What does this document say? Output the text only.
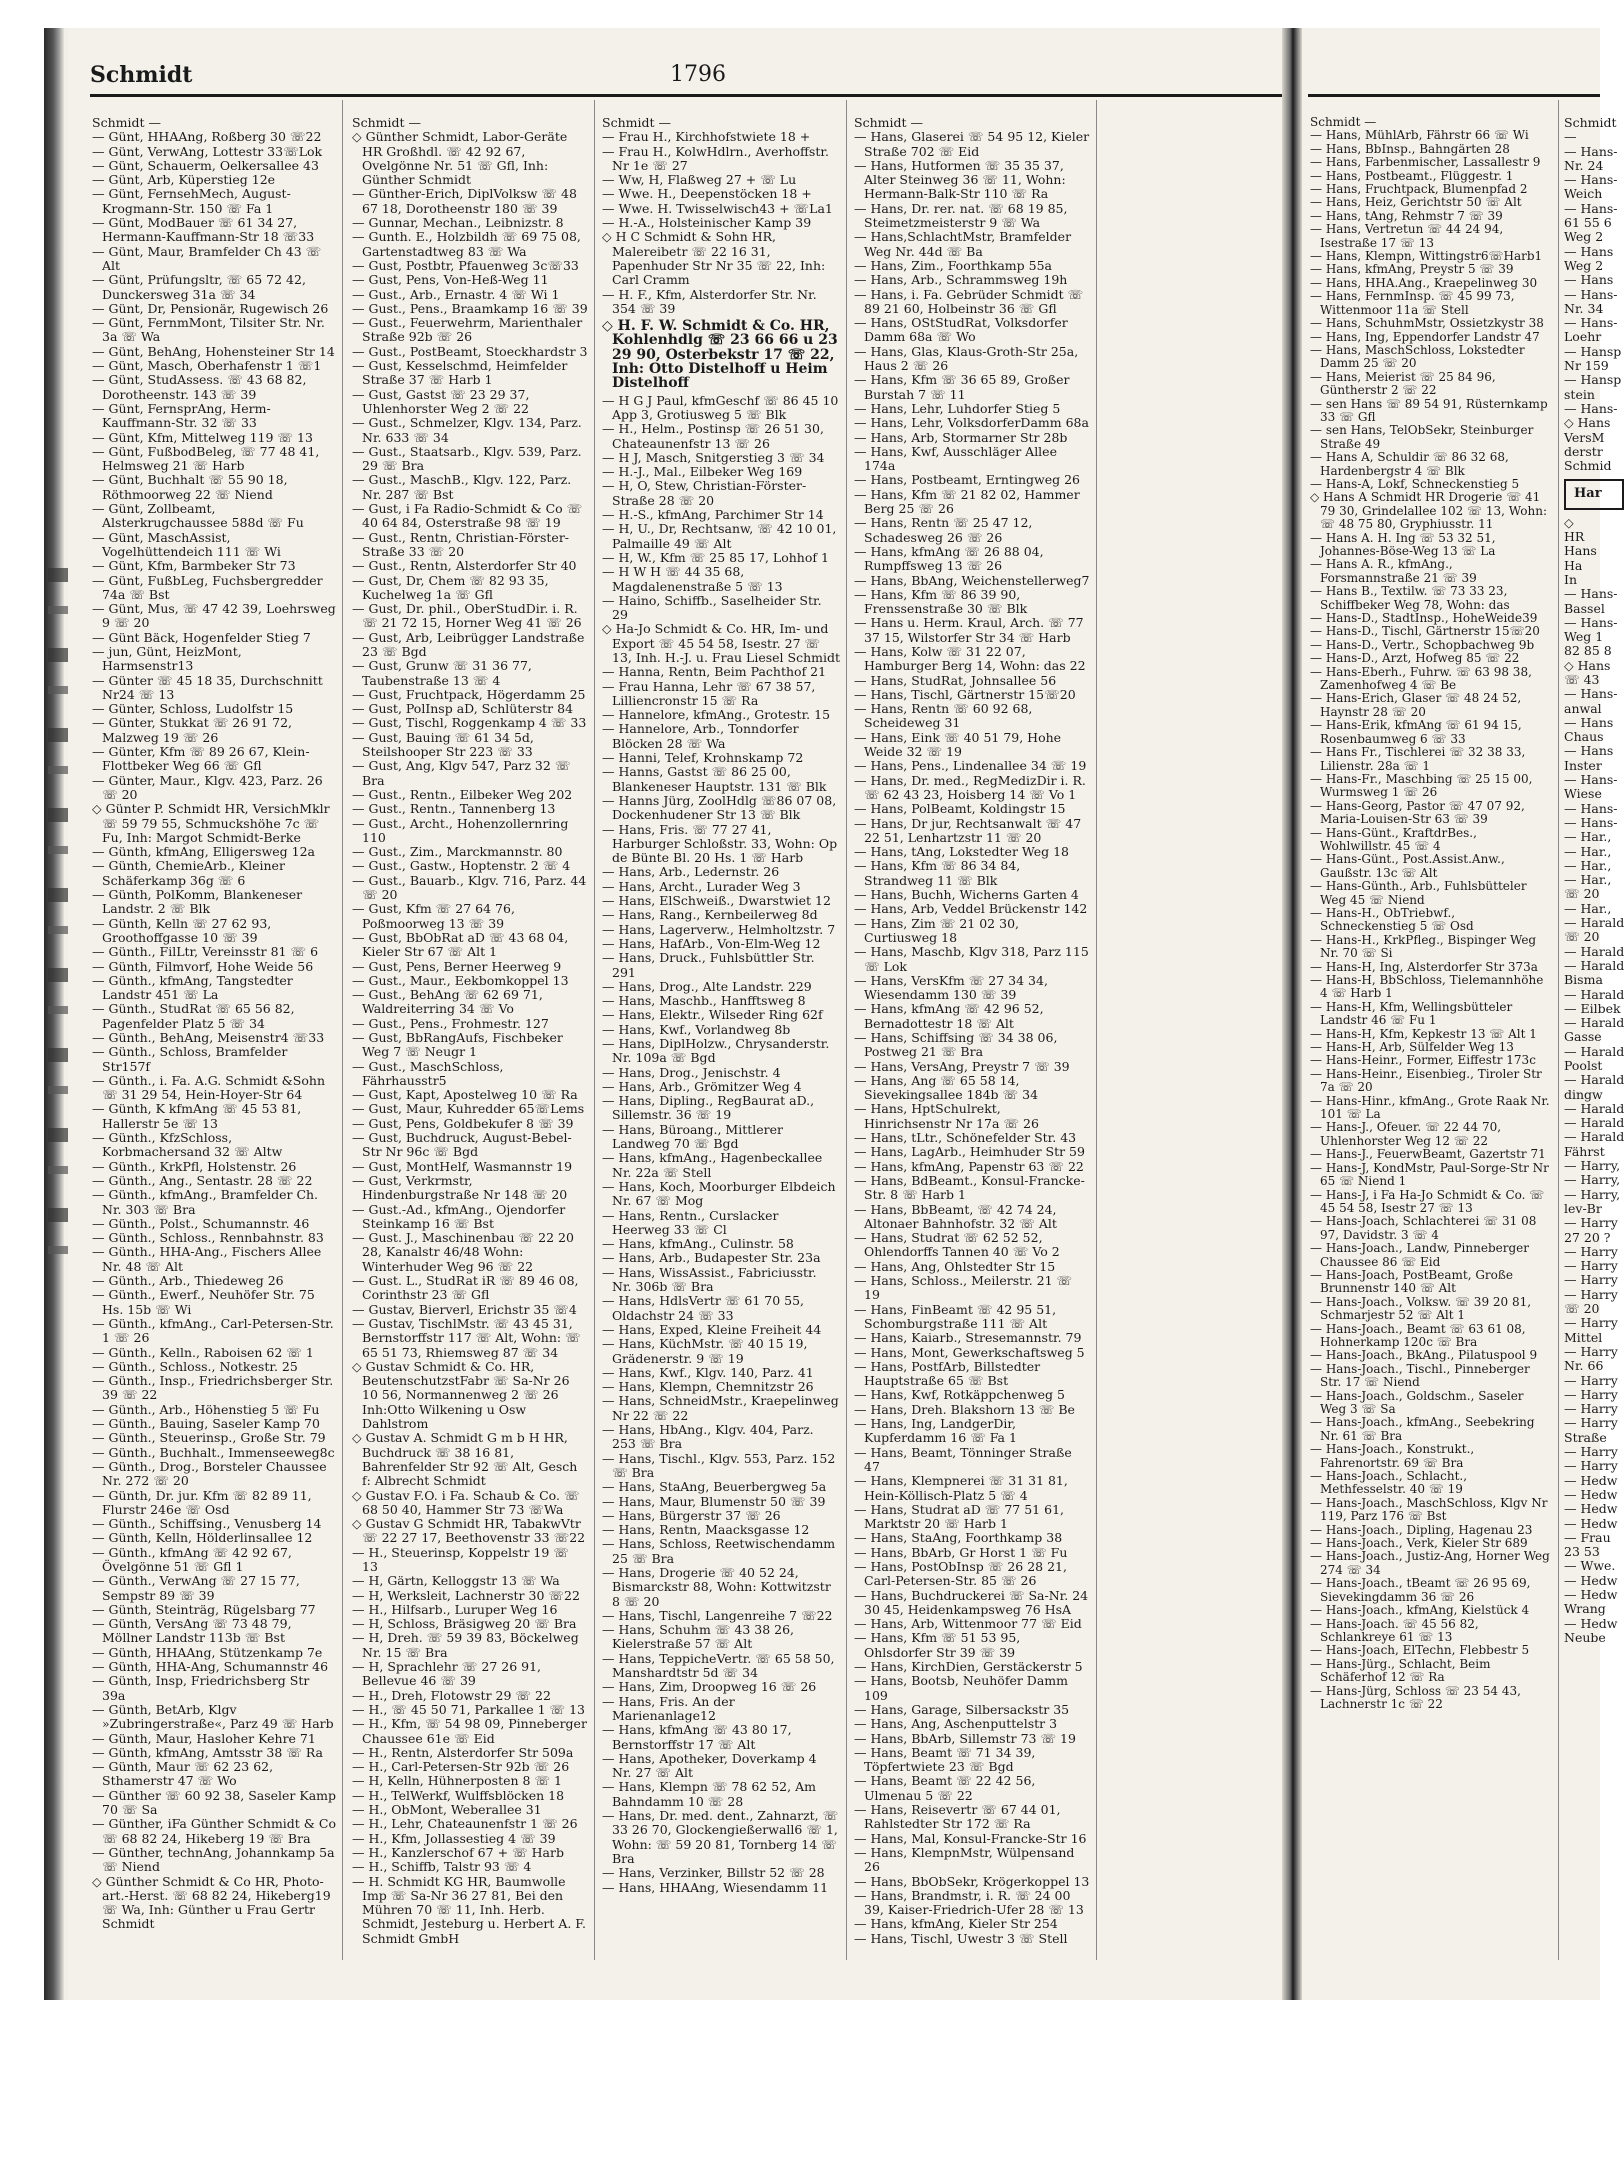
Schmidt	1796
Schmidt —
— Günt, HHAAng, Roßberg 30 ☏22
— Günt, VerwAng, Lottestr 33☏Lok
— Günt, Schauerm, Oelkersallee 43
— Günt, Arb, Küperstieg 12e
— Günt, FernsehMech, August-Krogmann-Str. 150 ☏ Fa 1
— Günt, ModBauer ☏ 61 34 27, Hermann-Kauffmann-Str 18 ☏33
— Günt, Maur, Bramfelder Ch 43 ☏ Alt
— Günt, Prüfungsltr, ☏ 65 72 42, Dunckersweg 31a ☏ 34
— Günt, Dr, Pensionär, Rugewisch 26
— Günt, FernmMont, Tilsiter Str. Nr. 3a ☏ Wa
— Günt, BehAng, Hohensteiner Str 14
— Günt, Masch, Oberhafenstr 1 ☏1
— Günt, StudAssess. ☏ 43 68 82, Dorotheenstr. 143 ☏ 39
— Günt, FernsprAng, Herm-Kauffmann-Str. 32 ☏ 33
— Günt, Kfm, Mittelweg 119 ☏ 13
— Günt, FußbodBeleg, ☏ 77 48 41, Helmsweg 21 ☏ Harb
— Günt, Buchhalt ☏ 55 90 18, Röthmoorweg 22 ☏ Niend
— Günt, Zollbeamt, Alsterkrugchaussee 588d ☏ Fu
— Günt, MaschAssist, Vogelhüttendeich 111 ☏ Wi
— Günt, Kfm, Barmbeker Str 73
— Günt, FußbLeg, Fuchsbergredder 74a ☏ Bst
— Günt, Mus, ☏ 47 42 39, Loehrsweg 9 ☏ 20
— Günt Bäck, Hogenfelder Stieg 7
— jun, Günt, HeizMont, Harmsenstr13
— Günter ☏ 45 18 35, Durchschnitt Nr24 ☏ 13
— Günter, Schloss, Ludolfstr 15
— Günter, Stukkat ☏ 26 91 72, Malzweg 19 ☏ 26
— Günter, Kfm ☏ 89 26 67, Klein-Flottbeker Weg 66 ☏ Gfl
— Günter, Maur., Klgv. 423, Parz. 26 ☏ 20
◇ Günter P. Schmidt HR, VersichMklr ☏ 59 79 55, Schmuckshöhe 7c ☏ Fu, Inh: Margot Schmidt-Berke
— Günth, kfmAng, Elligersweg 12a
— Günth, ChemieArb., Kleiner Schäferkamp 36g ☏ 6
— Günth, PolKomm, Blankeneser Landstr. 2 ☏ Blk
— Günth, Kelln ☏ 27 62 93, Groothoffgasse 10 ☏ 39
— Günth., FilLtr, Vereinsstr 81 ☏ 6
— Günth, Filmvorf, Hohe Weide 56
— Günth., kfmAng, Tangstedter Landstr 451 ☏ La
— Günth., StudRat ☏ 65 56 82, Pagenfelder Platz 5 ☏ 34
— Günth., BehAng, Meisenstr4 ☏33
— Günth., Schloss, Bramfelder Str157f
— Günth., i. Fa. A.G. Schmidt &Sohn ☏ 31 29 54, Hein-Hoyer-Str 64
— Günth, K kfmAng ☏ 45 53 81, Hallerstr 5e ☏ 13
— Günth., KfzSchloss, Korbmachersand 32 ☏ Altw
— Günth., KrkPfl, Holstenstr. 26
— Günth., Ang., Sentastr. 28 ☏ 22
— Günth., kfmAng., Bramfelder Ch. Nr. 303 ☏ Bra
— Günth., Polst., Schumannstr. 46
— Günth., Schloss., Rennbahnstr. 83
— Günth., HHA-Ang., Fischers Allee Nr. 48 ☏ Alt
— Günth., Arb., Thiedeweg 26
— Günth., Ewerf., Neuhöfer Str. 75 Hs. 15b ☏ Wi
— Günth., kfmAng., Carl-Petersen-Str. 1 ☏ 26
— Günth., Kelln., Raboisen 62 ☏ 1
— Günth., Schloss., Notkestr. 25
— Günth., Insp., Friedrichsberger Str. 39 ☏ 22
— Günth., Arb., Höhenstieg 5 ☏ Fu
— Günth., Bauing, Saseler Kamp 70
— Günth., Steuerinsp., Große Str. 79
— Günth., Buchhalt., Immenseeweg8c
— Günth., Drog., Borsteler Chaussee Nr. 272 ☏ 20
— Günth, Dr. jur. Kfm ☏ 82 89 11, Flurstr 246e ☏ Osd
— Günth., Schiffsing., Venusberg 14
— Günth, Kelln, Hölderlinsallee 12
— Günth., kfmAng ☏ 42 92 67, Övelgönne 51 ☏ Gfl 1
— Günth., VerwAng ☏ 27 15 77, Sempstr 89 ☏ 39
— Günth, Steinträg, Rügelsbarg 77
— Günth, VersAng ☏ 73 48 79, Möllner Landstr 113b ☏ Bst
— Günth, HHAAng, Stützenkamp 7e
— Günth, HHA-Ang, Schumannstr 46
— Günth, Insp, Friedrichsberg Str 39a
— Günth, BetArb, Klgv »Zubringerstraße«, Parz 49 ☏ Harb
— Günth, Maur, Hasloher Kehre 71
— Günth, kfmAng, Amtsstr 38 ☏ Ra
— Günth, Maur ☏ 62 23 62, Sthamerstr 47 ☏ Wo
— Günther ☏ 60 92 38, Saseler Kamp 70 ☏ Sa
— Günther, iFa Günther Schmidt & Co ☏ 68 82 24, Hikeberg 19 ☏ Bra
— Günther, technAng, Johannkamp 5a ☏ Niend
◇ Günther Schmidt & Co HR, Photo-art.-Herst. ☏ 68 82 24, Hikeberg19 ☏ Wa, Inh: Günther u Frau Gertr Schmidt
Schmidt —
◇ Günther Schmidt, Labor-Geräte HR Großhdl. ☏ 42 92 67, Ovelgönne Nr. 51 ☏ Gfl, Inh: Günther Schmidt
— Günther-Erich, DiplVolksw ☏ 48 67 18, Dorotheenstr 180 ☏ 39
— Gunnar, Mechan., Leibnizstr. 8
— Gunth. E., Holzbildh ☏ 69 75 08, Gartenstadtweg 83 ☏ Wa
— Gust, Postbtr, Pfauenweg 3c☏33
— Gust, Pens, Von-Heß-Weg 11
— Gust., Arb., Ernastr. 4 ☏ Wi 1
— Gust., Pens., Braamkamp 16 ☏ 39
— Gust., Feuerwehrm, Marienthaler Straße 92b ☏ 26
— Gust., PostBeamt, Stoeckhardstr 3
— Gust, Kesselschmd, Heimfelder Straße 37 ☏ Harb 1
— Gust, Gastst ☏ 23 29 37, Uhlenhorster Weg 2 ☏ 22
— Gust., Schmelzer, Klgv. 134, Parz. Nr. 633 ☏ 34
— Gust., Staatsarb., Klgv. 539, Parz. 29 ☏ Bra
— Gust., MaschB., Klgv. 122, Parz. Nr. 287 ☏ Bst
— Gust, i Fa Radio-Schmidt & Co ☏ 40 64 84, Osterstraße 98 ☏ 19
— Gust., Rentn, Christian-Förster-Straße 33 ☏ 20
— Gust., Rentn, Alsterdorfer Str 40
— Gust, Dr, Chem ☏ 82 93 35, Kuchelweg 1a ☏ Gfl
— Gust, Dr. phil., OberStudDir. i. R. ☏ 21 72 15, Horner Weg 41 ☏ 26
— Gust, Arb, Leibrügger Landstraße 23 ☏ Bgd
— Gust, Grunw ☏ 31 36 77, Taubenstraße 13 ☏ 4
— Gust, Fruchtpack, Högerdamm 25
— Gust, PolInsp aD, Schlüterstr 84
— Gust, Tischl, Roggenkamp 4 ☏ 33
— Gust, Bauing ☏ 61 34 5d, Steilshooper Str 223 ☏ 33
— Gust, Ang, Klgv 547, Parz 32 ☏ Bra
— Gust., Rentn., Eilbeker Weg 202
— Gust., Rentn., Tannenberg 13
— Gust., Archt., Hohenzollernring 110
— Gust., Zim., Marckmannstr. 80
— Gust., Gastw., Hoptenstr. 2 ☏ 4
— Gust., Bauarb., Klgv. 716, Parz. 44 ☏ 20
— Gust, Kfm ☏ 27 64 76, Poßmoorweg 13 ☏ 39
— Gust, BbObRat aD ☏ 43 68 04, Kieler Str 67 ☏ Alt 1
— Gust, Pens, Berner Heerweg 9
— Gust., Maur., Eekbomkoppel 13
— Gust., BehAng ☏ 62 69 71, Waldreiterring 34 ☏ Vo
— Gust., Pens., Frohmestr. 127
— Gust, BbRangAufs, Fischbeker Weg 7 ☏ Neugr 1
— Gust., MaschSchloss, Fährhausstr5
— Gust, Kapt, Apostelweg 10 ☏ Ra
— Gust, Maur, Kuhredder 65☏Lems
— Gust, Pens, Goldbekufer 8 ☏ 39
— Gust, Buchdruck, August-Bebel-Str Nr 96c ☏ Bgd
— Gust, MontHelf, Wasmannstr 19
— Gust, Verkrmstr, Hindenburgstraße Nr 148 ☏ 20
— Gust.-Ad., kfmAng., Ojendorfer Steinkamp 16 ☏ Bst
— Gust. J., Maschinenbau ☏ 22 20 28, Kanalstr 46/48 Wohn: Winterhuder Weg 96 ☏ 22
— Gust. L., StudRat iR ☏ 89 46 08, Corinthstr 23 ☏ Gfl
— Gustav, Bierverl, Erichstr 35 ☏4
— Gustav, TischlMstr. ☏ 43 45 31, Bernstorffstr 117 ☏ Alt, Wohn: ☏ 65 51 73, Rhiemsweg 87 ☏ 34
◇ Gustav Schmidt & Co. HR, BeutenschutzstFabr ☏ Sa-Nr 26 10 56, Normannenweg 2 ☏ 26 Inh:Otto Wilkening u Osw Dahlstrom
◇ Gustav A. Schmidt G m b H HR, Buchdruck ☏ 38 16 81, Bahrenfelder Str 92 ☏ Alt, Gesch f: Albrecht Schmidt
◇ Gustav F.O. i Fa. Schaub & Co. ☏ 68 50 40, Hammer Str 73 ☏Wa
◇ Gustav G Schmidt HR, TabakwVtr ☏ 22 27 17, Beethovenstr 33 ☏22
— H., Steuerinsp, Koppelstr 19 ☏ 13
— H, Gärtn, Kelloggstr 13 ☏ Wa
— H, Werksleit, Lachnerstr 30 ☏22
— H., Hilfsarb., Luruper Weg 16
— H, Schloss, Bräsigweg 20 ☏ Bra
— H, Dreh. ☏ 59 39 83, Böckelweg Nr. 15 ☏ Bra
— H, Sprachlehr ☏ 27 26 91, Bellevue 46 ☏ 39
— H., Dreh, Flotowstr 29 ☏ 22
— H., ☏ 45 50 71, Parkallee 1 ☏ 13
— H., Kfm, ☏ 54 98 09, Pinneberger Chaussee 61e ☏ Eid
— H., Rentn, Alsterdorfer Str 509a
— H., Carl-Petersen-Str 92b ☏ 26
— H, Kelln, Hühnerposten 8 ☏ 1
— H., TelWerkf, Wulffsblöcken 18
— H., ObMont, Weberallee 31
— H., Lehr, Chateaunenfstr 1 ☏ 26
— H., Kfm, Jollassestieg 4 ☏ 39
— H., Kanzlerschof 67 + ☏ Harb
— H., Schiffb, Talstr 93 ☏ 4
— H. Schmidt KG HR, Baumwolle Imp ☏ Sa-Nr 36 27 81, Bei den Mühren 70 ☏ 11, Inh. Herb. Schmidt, Jesteburg u. Herbert A. F. Schmidt GmbH
Schmidt —
— Frau H., Kirchhofstwiete 18 +
— Frau H., KolwHdlrn., Averhoffstr. Nr 1e ☏ 27
— Ww, H, Flaßweg 27 + ☏ Lu
— Wwe. H., Deepenstöcken 18 +
— Wwe. H. Twisselwisch43 + ☏La1
— H.-A., Holsteinischer Kamp 39
◇ H C Schmidt & Sohn HR, Malereibetr ☏ 22 16 31, Papenhuder Str Nr 35 ☏ 22, Inh: Carl Cramm
— H. F., Kfm, Alsterdorfer Str. Nr. 354 ☏ 39
◇ H. F. W. Schmidt & Co. HR, Kohlenhdlg ☏ 23 66 66 u 23 29 90, Osterbekstr 17 ☏ 22, Inh: Otto Distelhoff u Heim Distelhoff
— H G J Paul, kfmGeschf ☏ 86 45 10 App 3, Grotiusweg 5 ☏ Blk
— H., Helm., Postinsp ☏ 26 51 30, Chateaunenfstr 13 ☏ 26
— H J, Masch, Snitgerstieg 3 ☏ 34
— H.-J., Mal., Eilbeker Weg 169
— H, O, Stew, Christian-Förster-Straße 28 ☏ 20
— H.-S., kfmAng, Parchimer Str 14
— H, U., Dr, Rechtsanw, ☏ 42 10 01, Palmaille 49 ☏ Alt
— H, W., Kfm ☏ 25 85 17, Lohhof 1
— H W H ☏ 44 35 68, Magdalenenstraße 5 ☏ 13
— Haino, Schiffb., Saselheider Str. 29
◇ Ha-Jo Schmidt & Co. HR, Im- und Export ☏ 45 54 58, Isestr. 27 ☏ 13, Inh. H.-J. u. Frau Liesel Schmidt
— Hanna, Rentn, Beim Pachthof 21
— Frau Hanna, Lehr ☏ 67 38 57, Lilliencronstr 15 ☏ Ra
— Hannelore, kfmAng., Grotestr. 15
— Hannelore, Arb., Tonndorfer Blöcken 28 ☏ Wa
— Hanni, Telef, Krohnskamp 72
— Hanns, Gastst ☏ 86 25 00, Blankeneser Hauptstr. 131 ☏ Blk
— Hanns Jürg, ZoolHdlg ☏86 07 08, Dockenhudener Str 13 ☏ Blk
— Hans, Fris. ☏ 77 27 41, Harburger Schloßstr. 33, Wohn: Op de Bünte Bl. 20 Hs. 1 ☏ Harb
— Hans, Arb., Ledernstr. 26
— Hans, Archt., Lurader Weg 3
— Hans, ElSchweiß., Dwarstwiet 12
— Hans, Rang., Kernbeilerweg 8d
— Hans, Lagerverw., Helmholtzstr. 7
— Hans, HafArb., Von-Elm-Weg 12
— Hans, Druck., Fuhlsbüttler Str. 291
— Hans, Drog., Alte Landstr. 229
— Hans, Maschb., Hanfftsweg 8
— Hans, Elektr., Wilseder Ring 62f
— Hans, Kwf., Vorlandweg 8b
— Hans, DiplHolzw., Chrysanderstr. Nr. 109a ☏ Bgd
— Hans, Drog., Jenischstr. 4
— Hans, Arb., Grömitzer Weg 4
— Hans, Dipling., RegBaurat aD., Sillemstr. 36 ☏ 19
— Hans, Büroang., Mittlerer Landweg 70 ☏ Bgd
— Hans, kfmAng., Hagenbeckallee Nr. 22a ☏ Stell
— Hans, Koch, Moorburger Elbdeich Nr. 67 ☏ Mog
— Hans, Rentn., Curslacker Heerweg 33 ☏ Cl
— Hans, kfmAng., Culinstr. 58
— Hans, Arb., Budapester Str. 23a
— Hans, WissAssist., Fabriciusstr. Nr. 306b ☏ Bra
— Hans, HdlsVertr ☏ 61 70 55, Oldachstr 24 ☏ 33
— Hans, Exped, Kleine Freiheit 44
— Hans, KüchMstr. ☏ 40 15 19, Grädenerstr. 9 ☏ 19
— Hans, Kwf., Klgv. 140, Parz. 41
— Hans, Klempn, Chemnitzstr 26
— Hans, SchneidMstr., Kraepelinweg Nr 22 ☏ 22
— Hans, HbAng., Klgv. 404, Parz. 253 ☏ Bra
— Hans, Tischl., Klgv. 553, Parz. 152 ☏ Bra
— Hans, StaAng, Beuerbergweg 5a
— Hans, Maur, Blumenstr 50 ☏ 39
— Hans, Bürgerstr 37 ☏ 26
— Hans, Rentn, Maacksgasse 12
— Hans, Schloss, Reetwischendamm 25 ☏ Bra
— Hans, Drogerie ☏ 40 52 24, Bismarckstr 88, Wohn: Kottwitzstr 8 ☏ 20
— Hans, Tischl, Langenreihe 7 ☏22
— Hans, Schuhm ☏ 43 38 26, Kielerstraße 57 ☏ Alt
— Hans, TeppicheVertr. ☏ 65 58 50, Manshardtstr 5d ☏ 34
— Hans, Zim, Droopweg 16 ☏ 26
— Hans, Fris. An der Marienanlage12
— Hans, kfmAng ☏ 43 80 17, Bernstorffstr 17 ☏ Alt
— Hans, Apotheker, Doverkamp 4 Nr. 27 ☏ Alt
— Hans, Klempn ☏ 78 62 52, Am Bahndamm 10 ☏ 28
— Hans, Dr. med. dent., Zahnarzt, ☏ 33 26 70, Glockengießerwall6 ☏ 1, Wohn: ☏ 59 20 81, Tornberg 14 ☏ Bra
— Hans, Verzinker, Billstr 52 ☏ 28
— Hans, HHAAng, Wiesendamm 11
Schmidt —
— Hans, Glaserei ☏ 54 95 12, Kieler Straße 702 ☏ Eid
— Hans, Hutformen ☏ 35 35 37, Alter Steinweg 36 ☏ 11, Wohn: Hermann-Balk-Str 110 ☏ Ra
— Hans, Dr. rer. nat. ☏ 68 19 85, Steimetzmeisterstr 9 ☏ Wa
— Hans,SchlachtMstr, Bramfelder Weg Nr. 44d ☏ Ba
— Hans, Zim., Foorthkamp 55a
— Hans, Arb., Schrammsweg 19h
— Hans, i. Fa. Gebrüder Schmidt ☏ 89 21 60, Holbeinstr 36 ☏ Gfl
— Hans, OStStudRat, Volksdorfer Damm 68a ☏ Wo
— Hans, Glas, Klaus-Groth-Str 25a, Haus 2 ☏ 26
— Hans, Kfm ☏ 36 65 89, Großer Burstah 7 ☏ 11
— Hans, Lehr, Luhdorfer Stieg 5
— Hans, Lehr, VolksdorferDamm 68a
— Hans, Arb, Stormarner Str 28b
— Hans, Kwf, Ausschläger Allee 174a
— Hans, Postbeamt, Erntingweg 26
— Hans, Kfm ☏ 21 82 02, Hammer Berg 25 ☏ 26
— Hans, Rentn ☏ 25 47 12, Schadesweg 26 ☏ 26
— Hans, kfmAng ☏ 26 88 04, Rumpffsweg 13 ☏ 26
— Hans, BbAng, Weichenstellerweg7
— Hans, Kfm ☏ 86 39 90, Frenssenstraße 30 ☏ Blk
— Hans u. Herm. Kraul, Arch. ☏ 77 37 15, Wilstorfer Str 34 ☏ Harb
— Hans, Kolw ☏ 31 22 07, Hamburger Berg 14, Wohn: das 22
— Hans, StudRat, Johnsallee 56
— Hans, Tischl, Gärtnerstr 15☏20
— Hans, Rentn ☏ 60 92 68, Scheideweg 31
— Hans, Eink ☏ 40 51 79, Hohe Weide 32 ☏ 19
— Hans, Pens., Lindenallee 34 ☏ 19
— Hans, Dr. med., RegMedizDir i. R. ☏ 62 43 23, Hoisberg 14 ☏ Vo 1
— Hans, PolBeamt, Koldingstr 15
— Hans, Dr jur, Rechtsanwalt ☏ 47 22 51, Lenhartzstr 11 ☏ 20
— Hans, tAng, Lokstedter Weg 18
— Hans, Kfm ☏ 86 34 84, Strandweg 11 ☏ Blk
— Hans, Buchh, Wicherns Garten 4
— Hans, Arb, Veddel Brückenstr 142
— Hans, Zim ☏ 21 02 30, Curtiusweg 18
— Hans, Maschb, Klgv 318, Parz 115 ☏ Lok
— Hans, VersKfm ☏ 27 34 34, Wiesendamm 130 ☏ 39
— Hans, kfmAng ☏ 42 96 52, Bernadottestr 18 ☏ Alt
— Hans, Schiffsing ☏ 34 38 06, Postweg 21 ☏ Bra
— Hans, VersAng, Preystr 7 ☏ 39
— Hans, Ang ☏ 65 58 14, Sievekingsallee 184b ☏ 34
— Hans, HptSchulrekt, Hinrichsenstr Nr 17a ☏ 26
— Hans, tLtr., Schönefelder Str. 43
— Hans, LagArb., Heimhuder Str 59
— Hans, kfmAng, Papenstr 63 ☏ 22
— Hans, BdBeamt., Konsul-Francke-Str. 8 ☏ Harb 1
— Hans, BbBeamt, ☏ 42 74 24, Altonaer Bahnhofstr. 32 ☏ Alt
— Hans, Studrat ☏ 62 52 52, Ohlendorffs Tannen 40 ☏ Vo 2
— Hans, Ang, Ohlstedter Str 15
— Hans, Schloss., Meilerstr. 21 ☏ 19
— Hans, FinBeamt ☏ 42 95 51, Schomburgstraße 111 ☏ Alt
— Hans, Kaiarb., Stresemannstr. 79
— Hans, Mont, Gewerkschaftsweg 5
— Hans, PostfArb, Billstedter Hauptstraße 65 ☏ Bst
— Hans, Kwf, Rotkäppchenweg 5
— Hans, Dreh. Blakshorn 13 ☏ Be
— Hans, Ing, LandgerDir, Kupferdamm 16 ☏ Fa 1
— Hans, Beamt, Tönninger Straße 47
— Hans, Klempnerei ☏ 31 31 81, Hein-Köllisch-Platz 5 ☏ 4
— Hans, Studrat aD ☏ 77 51 61, Marktstr 20 ☏ Harb 1
— Hans, StaAng, Foorthkamp 38
— Hans, BbArb, Gr Horst 1 ☏ Fu
— Hans, PostObInsp ☏ 26 28 21, Carl-Petersen-Str. 85 ☏ 26
— Hans, Buchdruckerei ☏ Sa-Nr. 24 30 45, Heidenkampsweg 76 HsA
— Hans, Arb, Wittenmoor 77 ☏ Eid
— Hans, Kfm ☏ 51 53 95, Ohlsdorfer Str 39 ☏ 39
— Hans, KirchDien, Gerstäckerstr 5
— Hans, Bootsb, Neuhöfer Damm 109
— Hans, Garage, Silbersackstr 35
— Hans, Ang, Aschenputtelstr 3
— Hans, BbArb, Sillemstr 73 ☏ 19
— Hans, Beamt ☏ 71 34 39, Töpfertwiete 23 ☏ Bgd
— Hans, Beamt ☏ 22 42 56, Ulmenau 5 ☏ 22
— Hans, Reisevertr ☏ 67 44 01, Rahlstedter Str 172 ☏ Ra
— Hans, Mal, Konsul-Francke-Str 16
— Hans, KlempnMstr, Wülpensand 26
— Hans, BbObSekr, Krögerkoppel 13
— Hans, Brandmstr, i. R. ☏ 24 00 39, Kaiser-Friedrich-Ufer 28 ☏ 13
— Hans, kfmAng, Kieler Str 254
— Hans, Tischl, Uwestr 3 ☏ Stell
Schmidt —
— Hans, MühlArb, Fährstr 66 ☏ Wi
— Hans, BbInsp., Bahngärten 28
— Hans, Farbenmischer, Lassallestr 9
— Hans, Postbeamt., Flüggestr. 1
— Hans, Fruchtpack, Blumenpfad 2
— Hans, Heiz, Gerichtstr 50 ☏ Alt
— Hans, tAng, Rehmstr 7 ☏ 39
— Hans, Vertretun ☏ 44 24 94, Isestraße 17 ☏ 13
— Hans, Klempn, Wittingstr6☏Harb1
— Hans, kfmAng, Preystr 5 ☏ 39
— Hans, HHA.Ang., Kraepelinweg 30
— Hans, FernmInsp. ☏ 45 99 73, Wittenmoor 11a ☏ Stell
— Hans, SchuhmMstr, Ossietzkystr 38
— Hans, Ing, Eppendorfer Landstr 47
— Hans, MaschSchloss, Lokstedter Damm 25 ☏ 20
— Hans, Meierist ☏ 25 84 96, Güntherstr 2 ☏ 22
— sen Hans ☏ 89 54 91, Rüsternkamp 33 ☏ Gfl
— sen Hans, TelObSekr, Steinburger Straße 49
— Hans A, Schuldir ☏ 86 32 68, Hardenbergstr 4 ☏ Blk
— Hans-A, Lokf, Schneckenstieg 5
◇ Hans A Schmidt HR Drogerie ☏ 41 79 30, Grindelallee 102 ☏ 13, Wohn: ☏ 48 75 80, Gryphiusstr. 11
— Hans A. H. Ing ☏ 53 32 51, Johannes-Böse-Weg 13 ☏ La
— Hans A. R., kfmAng., Forsmannstraße 21 ☏ 39
— Hans B., Textilw. ☏ 73 33 23, Schiffbeker Weg 78, Wohn: das
— Hans-D., StadtInsp., HoheWeide39
— Hans-D., Tischl, Gärtnerstr 15☏20
— Hans-D., Vertr., Schopbachweg 9b
— Hans-D., Arzt, Hofweg 85 ☏ 22
— Hans-Eberh., Fuhrw. ☏ 63 98 38, Zamenhofweg 4 ☏ Be
— Hans-Erich, Glaser ☏ 48 24 52, Haynstr 28 ☏ 20
— Hans-Erik, kfmAng ☏ 61 94 15, Rosenbaumweg 6 ☏ 33
— Hans Fr., Tischlerei ☏ 32 38 33, Lilienstr. 28a ☏ 1
— Hans-Fr., Maschbing ☏ 25 15 00, Wurmsweg 1 ☏ 26
— Hans-Georg, Pastor ☏ 47 07 92, Maria-Louisen-Str 63 ☏ 39
— Hans-Günt., KraftdrBes., Wohlwillstr. 45 ☏ 4
— Hans-Günt., Post.Assist.Anw., Gaußstr. 13c ☏ Alt
— Hans-Günth., Arb., Fuhlsbütteler Weg 45 ☏ Niend
— Hans-H., ObTriebwf., Schneckenstieg 5 ☏ Osd
— Hans-H., KrkPfleg., Bispinger Weg Nr. 70 ☏ Si
— Hans-H, Ing, Alsterdorfer Str 373a
— Hans-H, BbSchloss, Tielemannhöhe 4 ☏ Harb 1
— Hans-H, Kfm, Wellingsbütteler Landstr 46 ☏ Fu 1
— Hans-H, Kfm, Kepkestr 13 ☏ Alt 1
— Hans-H, Arb, Sülfelder Weg 13
— Hans-Heinr., Former, Eiffestr 173c
— Hans-Heinr., Eisenbieg., Tiroler Str 7a ☏ 20
— Hans-Hinr., kfmAng., Grote Raak Nr. 101 ☏ La
— Hans-J., Ofeuer. ☏ 22 44 70, Uhlenhorster Weg 12 ☏ 22
— Hans-J., FeuerwBeamt, Gazertstr 71
— Hans-J, KondMstr, Paul-Sorge-Str Nr 65 ☏ Niend 1
— Hans-J, i Fa Ha-Jo Schmidt & Co. ☏ 45 54 58, Isestr 27 ☏ 13
— Hans-Joach, Schlachterei ☏ 31 08 97, Davidstr. 3 ☏ 4
— Hans-Joach., Landw, Pinneberger Chaussee 86 ☏ Eid
— Hans-Joach, PostBeamt, Große Brunnenstr 140 ☏ Alt
— Hans-Joach., Volksw. ☏ 39 20 81, Schmarjestr 52 ☏ Alt 1
— Hans-Joach., Beamt ☏ 63 61 08, Hohnerkamp 120c ☏ Bra
— Hans-Joach., BkAng., Pilatuspool 9
— Hans-Joach., Tischl., Pinneberger Str. 17 ☏ Niend
— Hans-Joach., Goldschm., Saseler Weg 3 ☏ Sa
— Hans-Joach., kfmAng., Seebekring Nr. 61 ☏ Bra
— Hans-Joach., Konstrukt., Fahrenortstr. 69 ☏ Bra
— Hans-Joach., Schlacht., Methfesselstr. 40 ☏ 19
— Hans-Joach., MaschSchloss, Klgv Nr 119, Parz 176 ☏ Bst
— Hans-Joach., Dipling, Hagenau 23
— Hans-Joach., Verk, Kieler Str 689
— Hans-Joach., Justiz-Ang, Horner Weg 274 ☏ 34
— Hans-Joach., tBeamt ☏ 26 95 69, Sievekingdamm 36 ☏ 26
— Hans-Joach., kfmAng, Kielstück 4
— Hans-Joach. ☏ 45 56 82, Schlankreye 61 ☏ 13
— Hans-Joach, ElTechn, Flebbestr 5
— Hans-Jürg., Schlacht, Beim Schäferhof 12 ☏ Ra
— Hans-Jürg, Schloss ☏ 23 54 43, Lachnerstr 1c ☏ 22
Schmidt —
— Hans-
Nr. 24
— Hans-
Weich
— Hans-
61 55 6
Weg 2
— Hans
Weg 2
— Hans
— Hans-
Nr. 34
— Hans-
Loehr
— Hansp
Nr 159
— Hansp
stein
— Hans-
◇ Hans
VersM
derstr
Schmid
Har
◇
HR
Hans
Ha
In
— Hans-
Bassel
— Hans-
Weg 1
82 85 8
◇ Hans
☏ 43
— Hans-
anwal
— Hans
Chaus
— Hans
Inster
— Hans-
Wiese
— Hans-
— Hans-
— Har.,
— Har.,
— Har.,
— Har.,
☏ 20
— Har.,
— Harald
☏ 20
— Harald
— Harald
Bisma
— Harald
— Eilbek
— Harald
Gasse
— Harald
Poolst
— Harald
dingw
— Harald
— Harald
— Harald
Fährst
— Harry,
— Harry,
— Harry,
lev-Br
— Harry
27 20 ?
— Harry
— Harry
— Harry
— Harry
☏ 20
— Harry
Mittel
— Harry
Nr. 66
— Harry
— Harry
— Harry
— Harry
Straße
— Harry
— Harry
— Hedw
— Hedw
— Hedw
— Hedw
— Frau
23 53
— Wwe.
— Hedw
— Hedw
Wrang
— Hedw
Neube
